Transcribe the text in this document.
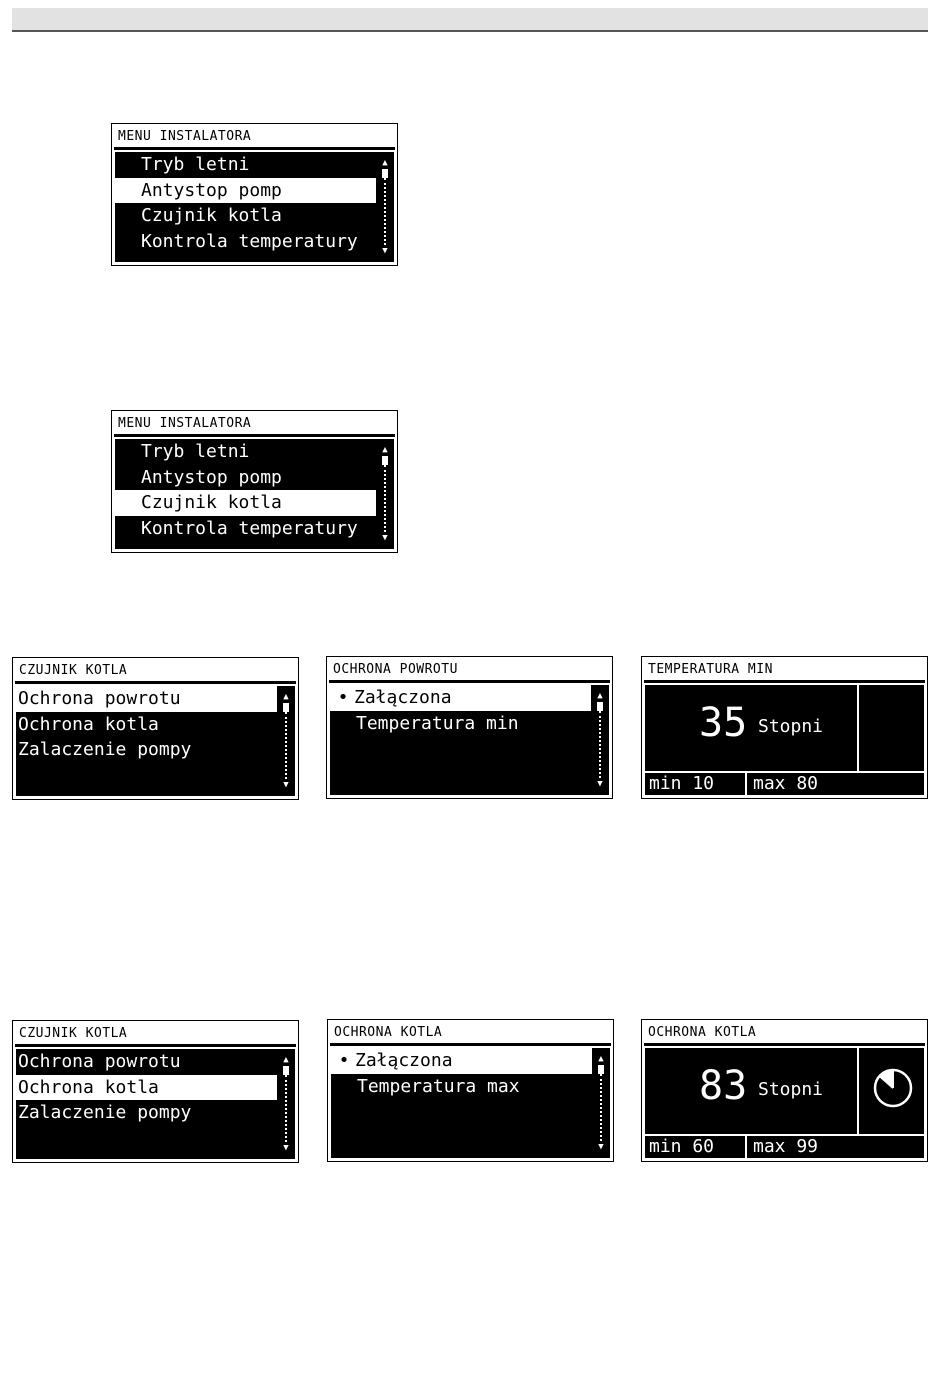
MENU INSTALATORA
Tryb letni
Antystop pomp
Czujnik kotla
Kontrola temperatury
▲
▼
MENU INSTALATORA
Tryb letni
Antystop pomp
Czujnik kotla
Kontrola temperatury
▲
▼
CZUJNIK KOTLA
Ochrona powrotu
Ochrona kotla
Zalaczenie pompy
▲
▼
OCHRONA POWROTU
• Załączona
Temperatura min
▲
▼
TEMPERATURA MIN
35 Stopni
min 10	max 80
CZUJNIK KOTLA
Ochrona powrotu
Ochrona kotla
Zalaczenie pompy
▲
▼
OCHRONA KOTLA
• Załączona
Temperatura max
▲
▼
OCHRONA KOTLA
83 Stopni
min 60	max 99
